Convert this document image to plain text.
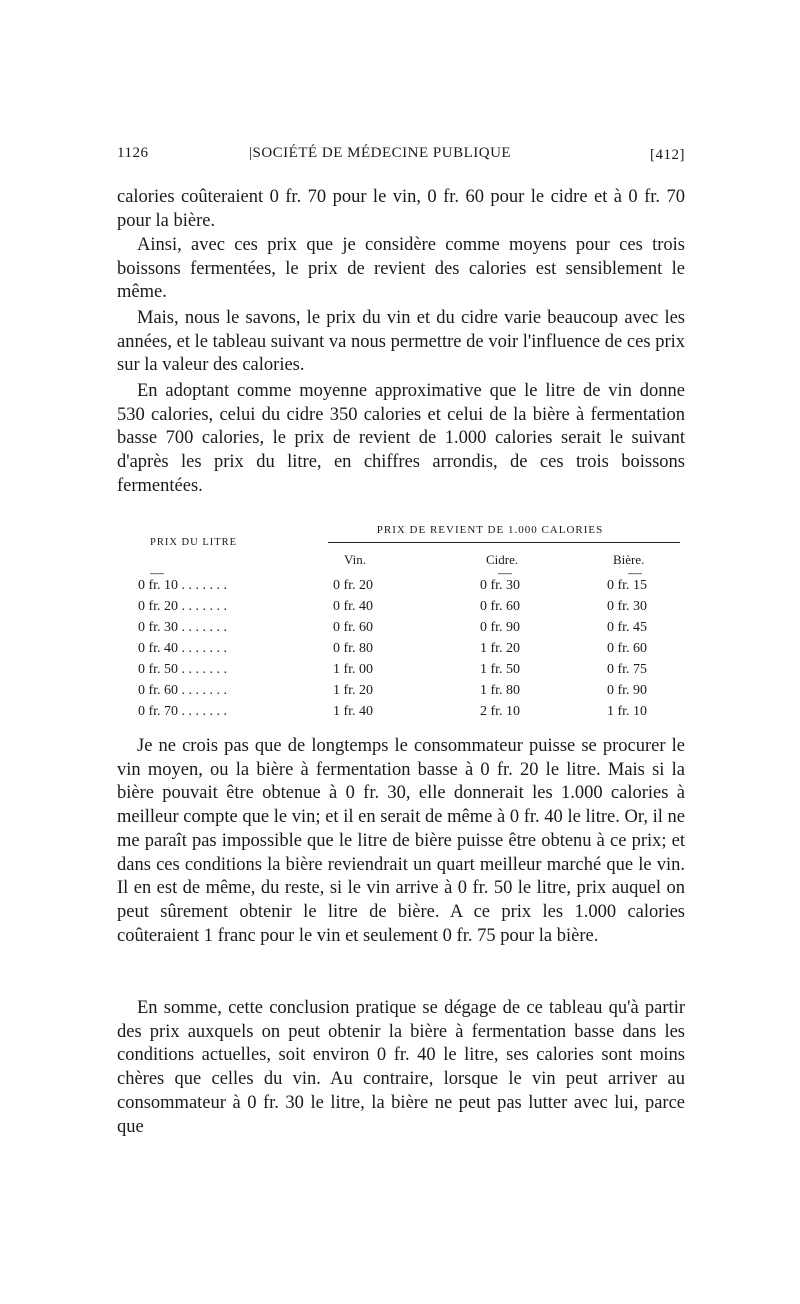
1126	|SOCIÉTÉ DE MÉDECINE PUBLIQUE	[412]

calories coûteraient 0 fr. 70 pour le vin, 0 fr. 60 pour le cidre et à 0 fr. 70 pour la bière.

Ainsi, avec ces prix que je considère comme moyens pour ces trois boissons fermentées, le prix de revient des calories est sensiblement le même.

Mais, nous le savons, le prix du vin et du cidre varie beaucoup avec les années, et le tableau suivant va nous permettre de voir l'influence de ces prix sur la valeur des calories.

En adoptant comme moyenne approximative que le litre de vin donne 530 calories, celui du cidre 350 calories et celui de la bière à fermentation basse 700 calories, le prix de revient de 1.000 calories serait le suivant d'après les prix du litre, en chiffres arrondis, de ces trois boissons fermentées.

PRIX DE REVIENT DE 1.000 CALORIES
PRIX DU LITRE
Vin.	Cidre.	Bière.
—	—	—
0 fr. 10 . . . . . . .	0 fr. 20	0 fr. 30	0 fr. 15
0 fr. 20 . . . . . . .	0 fr. 40	0 fr. 60	0 fr. 30
0 fr. 30 . . . . . . .	0 fr. 60	0 fr. 90	0 fr. 45
0 fr. 40 . . . . . . .	0 fr. 80	1 fr. 20	0 fr. 60
0 fr. 50 . . . . . . .	1 fr. 00	1 fr. 50	0 fr. 75
0 fr. 60 . . . . . . .	1 fr. 20	1 fr. 80	0 fr. 90
0 fr. 70 . . . . . . .	1 fr. 40	2 fr. 10	1 fr. 10

Je ne crois pas que de longtemps le consommateur puisse se procurer le vin moyen, ou la bière à fermentation basse à 0 fr. 20 le litre. Mais si la bière pouvait être obtenue à 0 fr. 30, elle donnerait les 1.000 calories à meilleur compte que le vin; et il en serait de même à 0 fr. 40 le litre. Or, il ne me paraît pas impossible que le litre de bière puisse être obtenu à ce prix; et dans ces conditions la bière reviendrait un quart meilleur marché que le vin. Il en est de même, du reste, si le vin arrive à 0 fr. 50 le litre, prix auquel on peut sûrement obtenir le litre de bière. A ce prix les 1.000 calories coûteraient 1 franc pour le vin et seulement 0 fr. 75 pour la bière.

En somme, cette conclusion pratique se dégage de ce tableau qu'à partir des prix auxquels on peut obtenir la bière à fermentation basse dans les conditions actuelles, soit environ 0 fr. 40 le litre, ses calories sont moins chères que celles du vin. Au contraire, lorsque le vin peut arriver au consommateur à 0 fr. 30 le litre, la bière ne peut pas lutter avec lui, parce que
